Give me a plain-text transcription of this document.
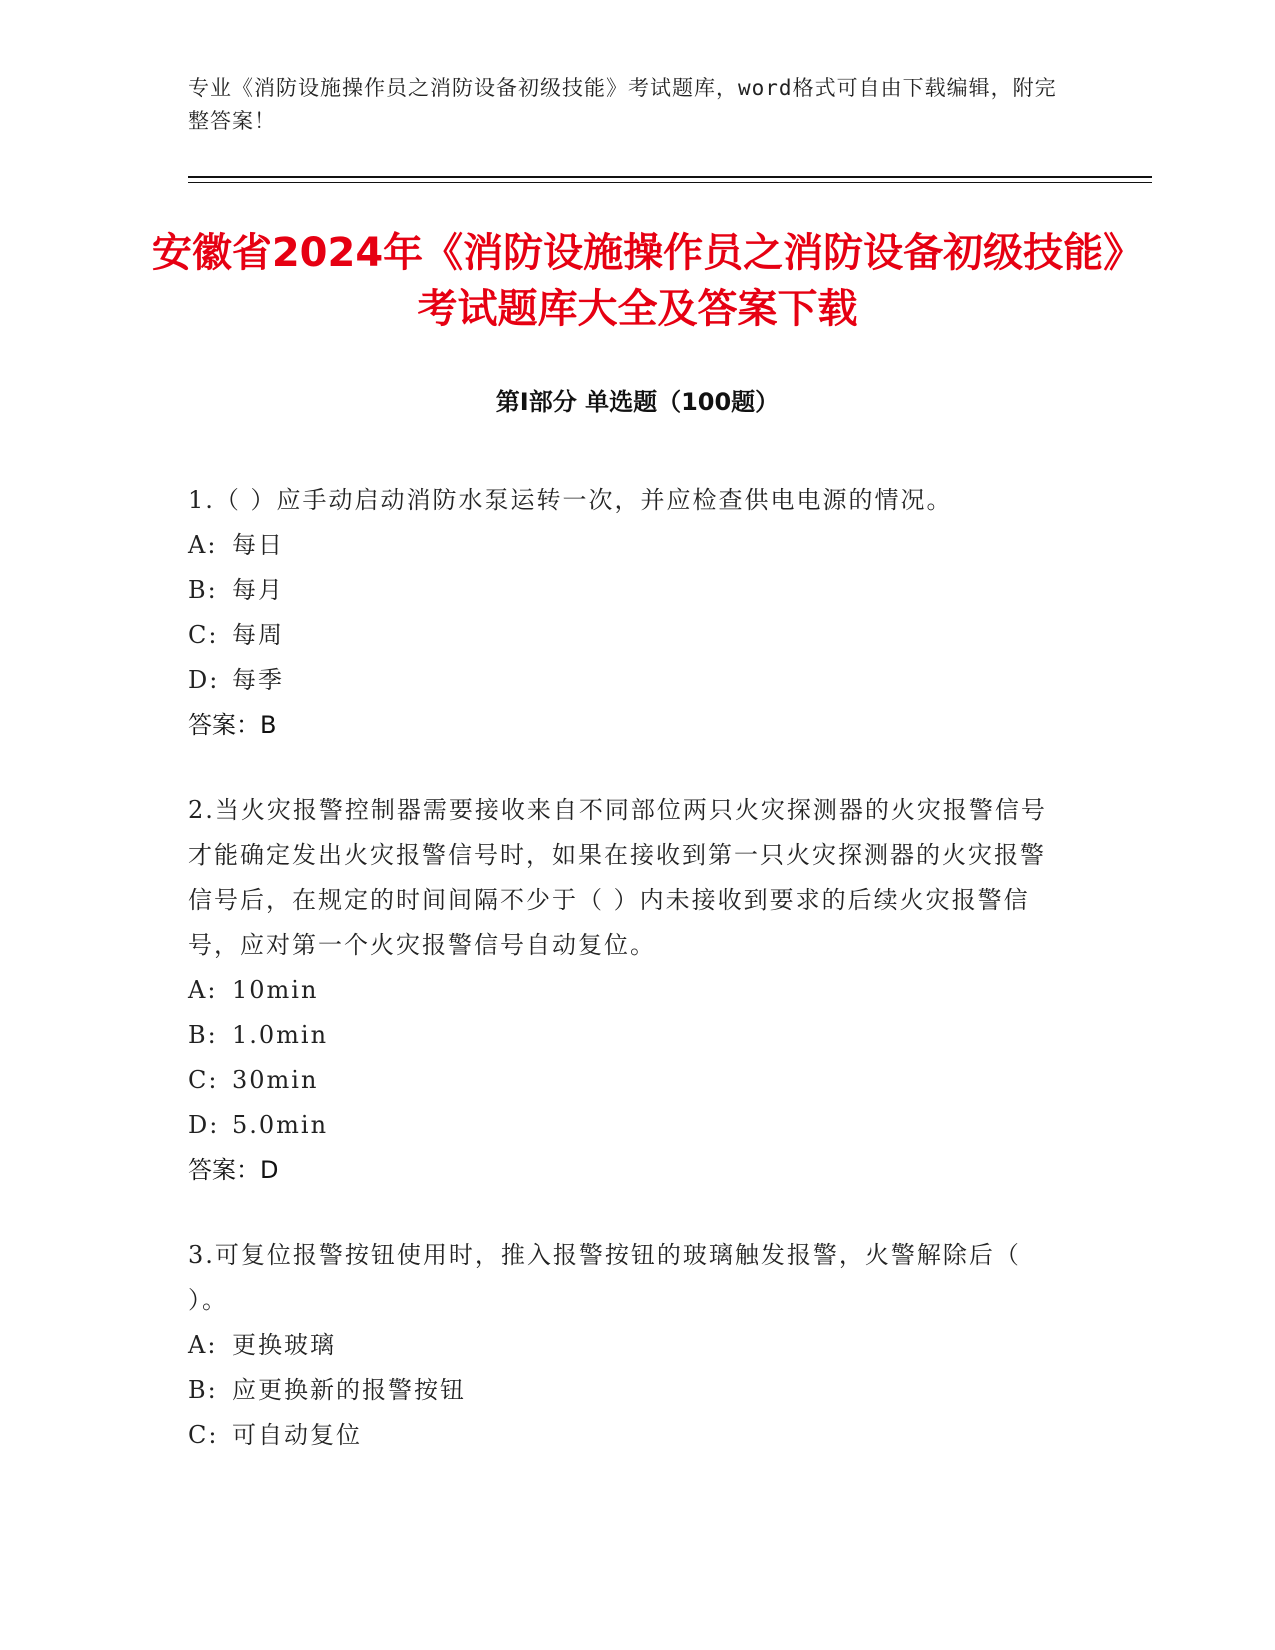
专业《消防设施操作员之消防设备初级技能》考试题库，word格式可自由下载编辑，附完整答案！
安徽省2024年《消防设施操作员之消防设备初级技能》考试题库大全及答案下载
第I部分 单选题（100题）
1.（ ）应手动启动消防水泵运转一次，并应检查供电电源的情况。
A: 每日
B: 每月
C: 每周
D: 每季
答案：B
2.当火灾报警控制器需要接收来自不同部位两只火灾探测器的火灾报警信号才能确定发出火灾报警信号时，如果在接收到第一只火灾探测器的火灾报警信号后，在规定的时间间隔不少于（ ）内未接收到要求的后续火灾报警信号，应对第一个火灾报警信号自动复位。
A: 10min
B: 1.0min
C: 30min
D: 5.0min
答案：D
3.可复位报警按钮使用时，推入报警按钮的玻璃触发报警，火警解除后（ ）。
A: 更换玻璃
B: 应更换新的报警按钮
C: 可自动复位
